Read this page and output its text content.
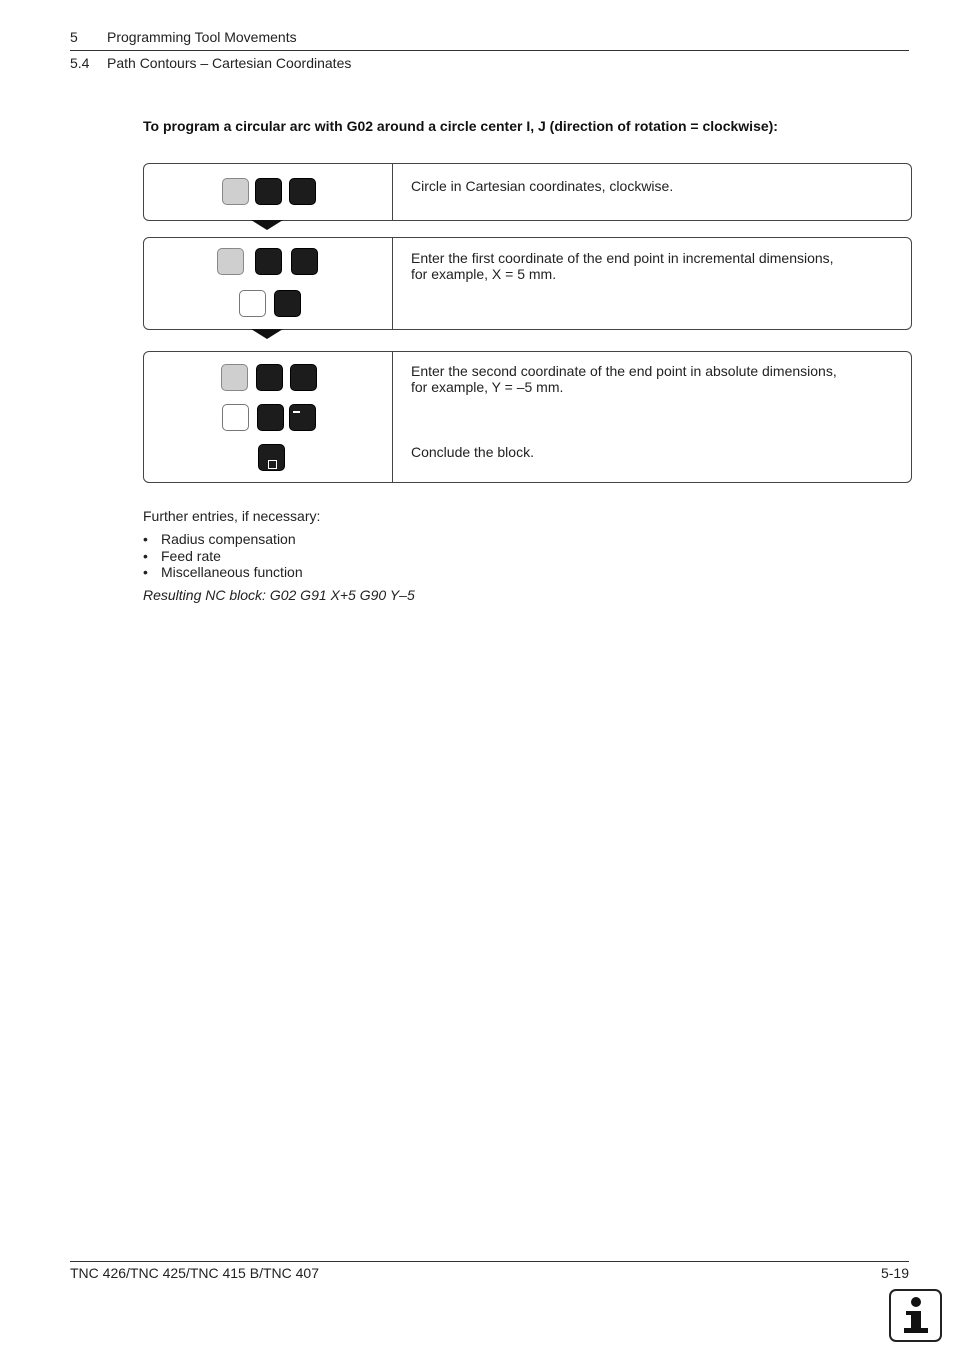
5 Programming Tool Movements
5.4 Path Contours – Cartesian Coordinates
To program a circular arc with G02 around a circle center I, J (direction of rotation = clockwise):
Circle in Cartesian coordinates, clockwise.
Enter the first coordinate of the end point in incremental dimensions,
for example, X = 5 mm.
Enter the second coordinate of the end point in absolute dimensions,
for example, Y = –5 mm.
Conclude the block.
Further entries, if necessary:
• Radius compensation
• Feed rate
• Miscellaneous function
Resulting NC block: G02 G91 X+5 G90 Y–5
TNC 426/TNC 425/TNC 415 B/TNC 407	5-19
